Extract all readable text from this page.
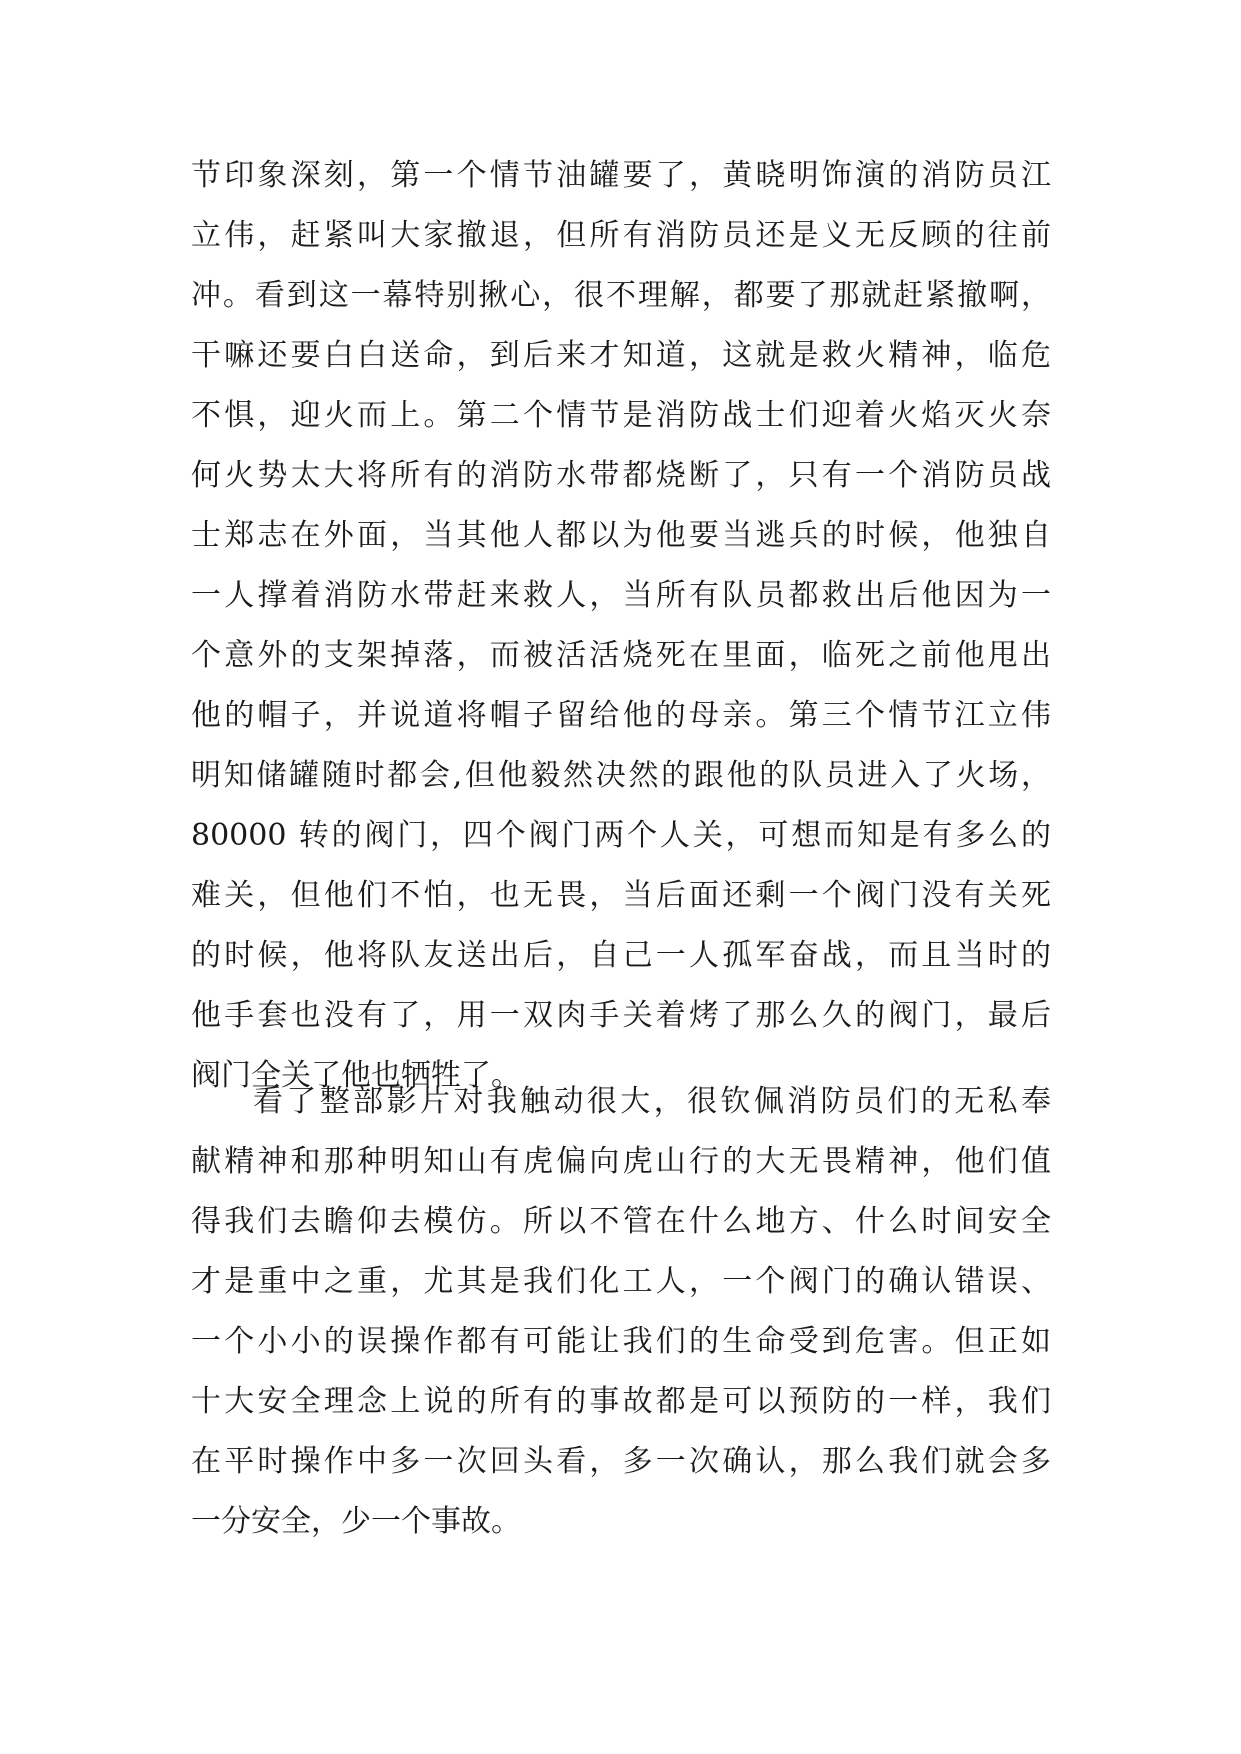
节印象深刻，第一个情节油罐要了，黄晓明饰演的消防员江
立伟，赶紧叫大家撤退，但所有消防员还是义无反顾的往前
冲。看到这一幕特别揪心，很不理解，都要了那就赶紧撤啊，
干嘛还要白白送命，到后来才知道，这就是救火精神，临危
不惧，迎火而上。第二个情节是消防战士们迎着火焰灭火奈
何火势太大将所有的消防水带都烧断了，只有一个消防员战
士郑志在外面，当其他人都以为他要当逃兵的时候，他独自
一人撑着消防水带赶来救人，当所有队员都救出后他因为一
个意外的支架掉落，而被活活烧死在里面，临死之前他甩出
他的帽子，并说道将帽子留给他的母亲。第三个情节江立伟
明知储罐随时都会,但他毅然决然的跟他的队员进入了火场，
80000 转的阀门，四个阀门两个人关，可想而知是有多么的
难关，但他们不怕，也无畏，当后面还剩一个阀门没有关死
的时候，他将队友送出后，自己一人孤军奋战，而且当时的
他手套也没有了，用一双肉手关着烤了那么久的阀门，最后
阀门全关了他也牺牲了。
看了整部影片对我触动很大，很钦佩消防员们的无私奉
献精神和那种明知山有虎偏向虎山行的大无畏精神，他们值
得我们去瞻仰去模仿。所以不管在什么地方、什么时间安全
才是重中之重，尤其是我们化工人，一个阀门的确认错误、
一个小小的误操作都有可能让我们的生命受到危害。但正如
十大安全理念上说的所有的事故都是可以预防的一样，我们
在平时操作中多一次回头看，多一次确认，那么我们就会多
一分安全，少一个事故。
